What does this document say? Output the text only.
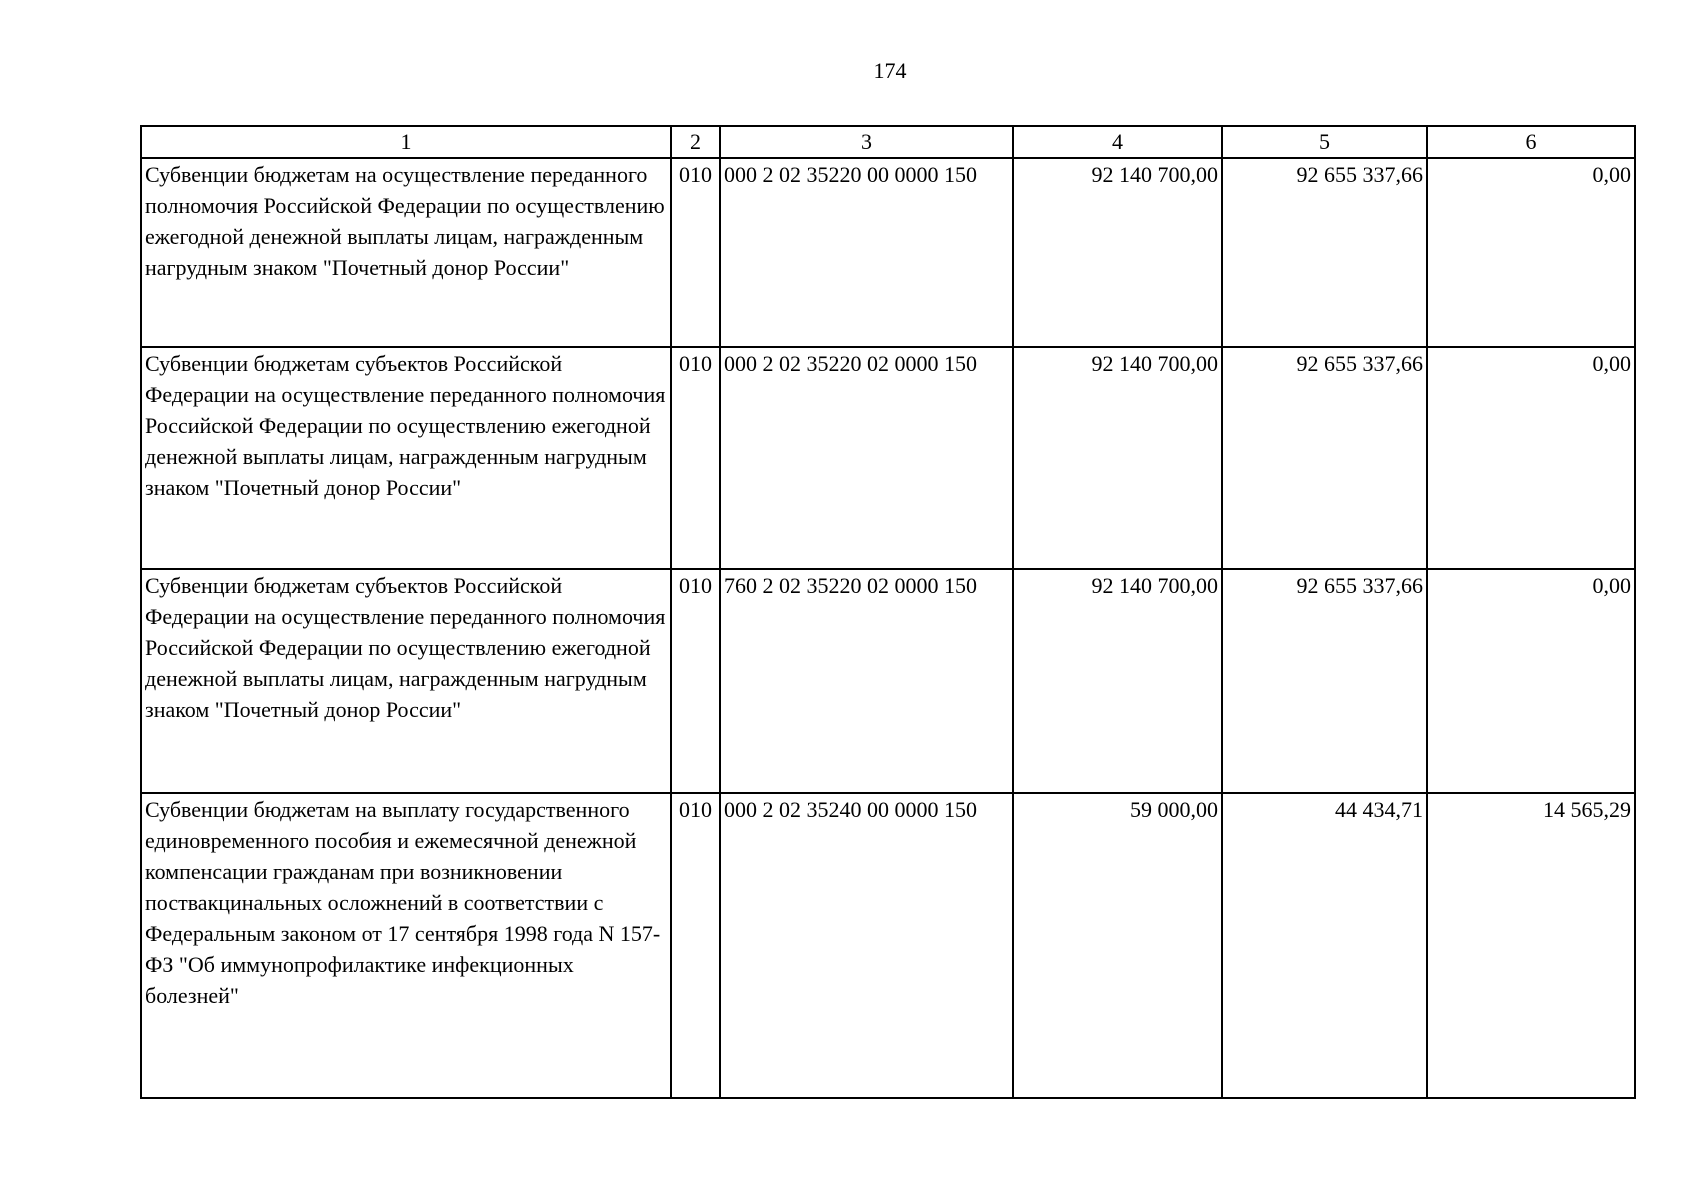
174
1	2	3	4	5	6
Субвенции бюджетам на осуществление переданного полномочия Российской Федерации по осуществлению ежегодной денежной выплаты лицам, награжденным нагрудным знаком "Почетный донор России"	010	000 2 02 35220 00 0000 150	92 140 700,00	92 655 337,66	0,00
Субвенции бюджетам субъектов Российской Федерации на осуществление переданного полномочия Российской Федерации по осуществлению ежегодной денежной выплаты лицам, награжденным нагрудным знаком "Почетный донор России"	010	000 2 02 35220 02 0000 150	92 140 700,00	92 655 337,66	0,00
Субвенции бюджетам субъектов Российской Федерации на осуществление переданного полномочия Российской Федерации по осуществлению ежегодной денежной выплаты лицам, награжденным нагрудным знаком "Почетный донор России"	010	760 2 02 35220 02 0000 150	92 140 700,00	92 655 337,66	0,00
Субвенции бюджетам на выплату государственного единовременного пособия и ежемесячной денежной компенсации гражданам при возникновении поствакцинальных осложнений в соответствии с Федеральным законом от 17 сентября 1998 года N 157-ФЗ "Об иммунопрофилактике инфекционных болезней"	010	000 2 02 35240 00 0000 150	59 000,00	44 434,71	14 565,29
